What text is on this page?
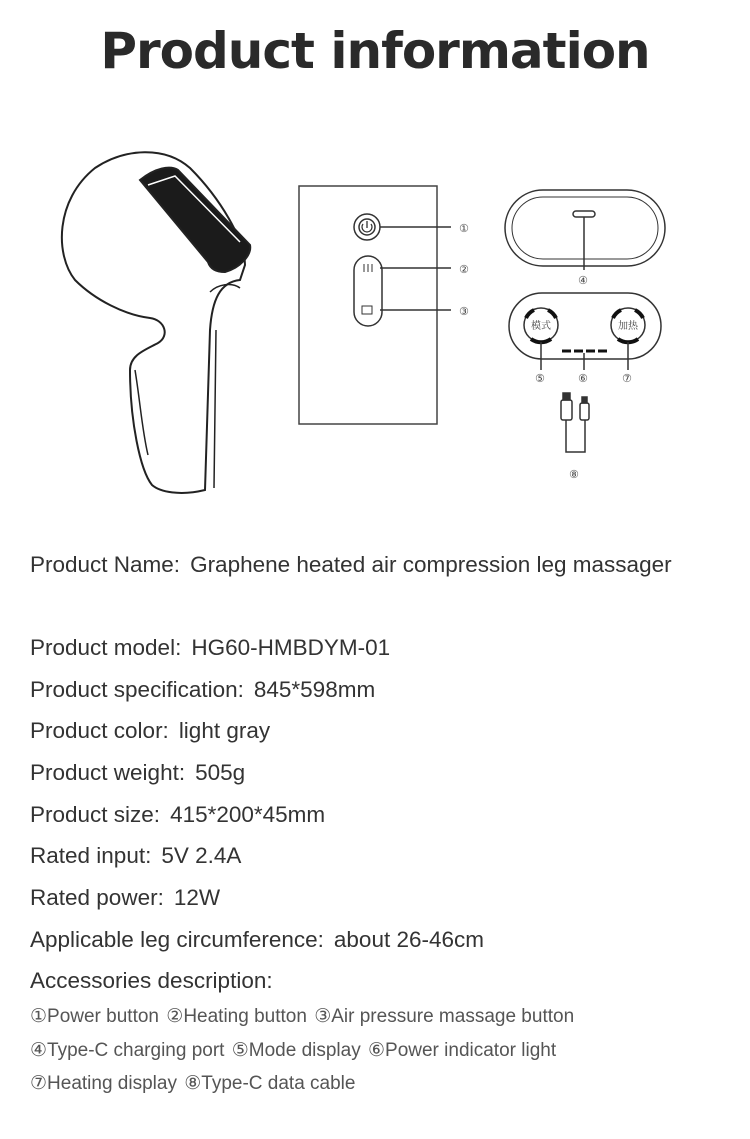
Product information
①
②
③
④
模式	加热
⑤	⑥	⑦
⑧
Product Name: Graphene heated air compression leg massager
Product model: HG60-HMBDYM-01
Product specification: 845*598mm
Product color: light gray
Product weight: 505g
Product size: 415*200*45mm
Rated input: 5V 2.4A
Rated power: 12W
Applicable leg circumference: about 26-46cm
Accessories description:
①Power button ②Heating button ③Air pressure massage button
④Type-C charging port ⑤Mode display ⑥Power indicator light
⑦Heating display ⑧Type-C data cable
